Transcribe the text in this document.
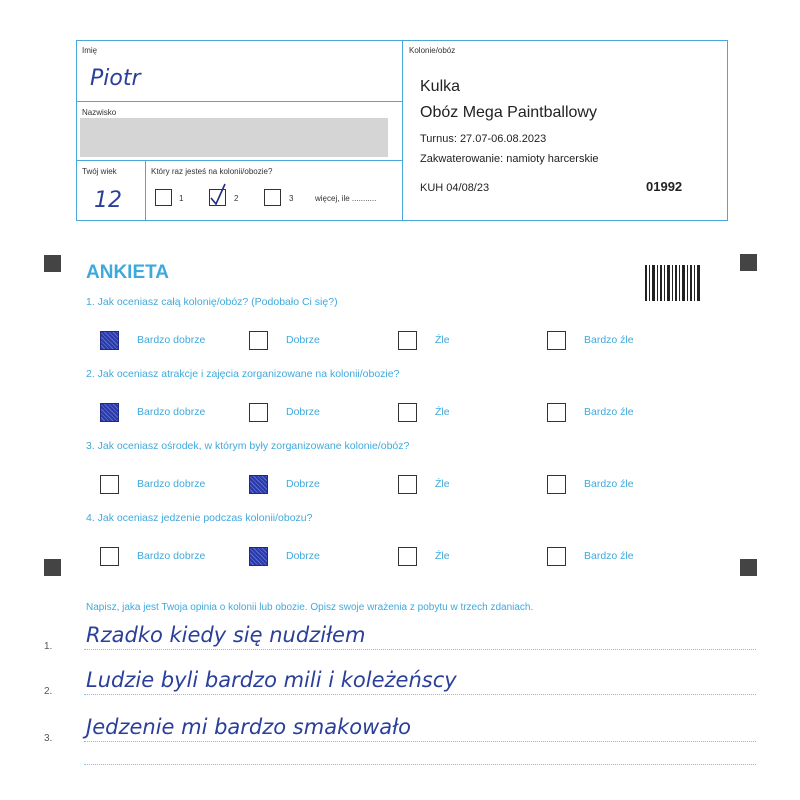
Imię
Piotr
Nazwisko
Twój wiek
12
Który raz jesteś na kolonii/obozie?
1	2	3	więcej, ile ...........
Kolonie/obóz
Kulka
Obóz Mega Paintballowy
Turnus: 27.07-06.08.2023
Zakwaterowanie: namioty harcerskie
KUH 04/08/23	01992
ANKIETA
1. Jak oceniasz całą kolonię/obóz? (Podobało Ci się?)
Bardzo dobrze	Dobrze	Źle	Bardzo źle
2. Jak oceniasz atrakcje i zajęcia zorganizowane na kolonii/obozie?
Bardzo dobrze	Dobrze	Źle	Bardzo źle
3. Jak oceniasz ośrodek, w którym były zorganizowane kolonie/obóz?
Bardzo dobrze	Dobrze	Źle	Bardzo źle
4. Jak oceniasz jedzenie podczas kolonii/obozu?
Bardzo dobrze	Dobrze	Źle	Bardzo źle
Napisz, jaka jest Twoja opinia o kolonii lub obozie. Opisz swoje wrażenia z pobytu w trzech zdaniach.
1. Rzadko kiedy się nudziłem
2. Ludzie byli bardzo mili i koleżeńscy
3. Jedzenie mi bardzo smakowało
